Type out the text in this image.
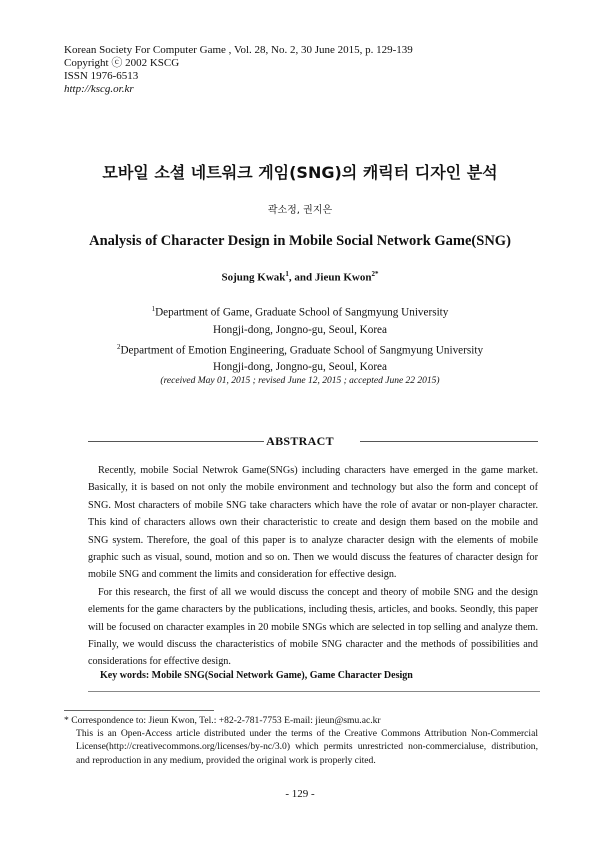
Korean Society For Computer Game , Vol. 28, No. 2, 30 June 2015, p. 129-139
Copyright ⓒ 2002 KSCG
ISSN 1976-6513
http://kscg.or.kr
모바일 소셜 네트워크 게임(SNG)의 캐릭터 디자인 분석
곽소정, 권지은
Analysis of Character Design in Mobile Social Network Game(SNG)
Sojung Kwak$^1$, and Jieun Kwon$^{2*}$
$^1$Department of Game, Graduate School of Sangmyung University
Hongji-dong, Jongno-gu, Seoul, Korea
$^2$Department of Emotion Engineering, Graduate School of Sangmyung University
Hongji-dong, Jongno-gu, Seoul, Korea
(received May 01, 2015 ; revised June 12, 2015 ; accepted June 22 2015)
ABSTRACT

Recently, mobile Social Netwrok Game(SNGs) including characters have emerged in the game market. Basically, it is based on not only the mobile environment and technology but also the form and concept of SNG. Most characters of mobile SNG take characters which have the role of avatar or non-player character. This kind of characters allows own their characteristic to create and design them based on the mobile and SNG system. Therefore, the goal of this paper is to analyze character design with the elements of mobile graphic such as visual, sound, motion and so on. Then we would discuss the features of character design for mobile SNG and comment the limits and consideration for effective design.

For this research, the first of all we would discuss the concept and theory of mobile SNG and the design elements for the game characters by the publications, including thesis, articles, and books. Seondly, this paper will be focused on character examples in 20 mobile SNGs which are selected in top selling and analyze them. Finally, we would discuss the characteristics of mobile SNG character and the methods of possibilities and considerations for effective design.

Key words: Mobile SNG(Social Network Game), Game Character Design
* Correspondence to: Jieun Kwon, Tel.: +82-2-781-7753 E-mail: jieun@smu.ac.kr
This is an Open-Access article distributed under the terms of the Creative Commons Attribution Non-Commercial License(http://creativecommons.org/licenses/by-nc/3.0) which permits unrestricted non-commercialuse, distribution, and reproduction in any medium, provided the original work is properly cited.
- 129 -
